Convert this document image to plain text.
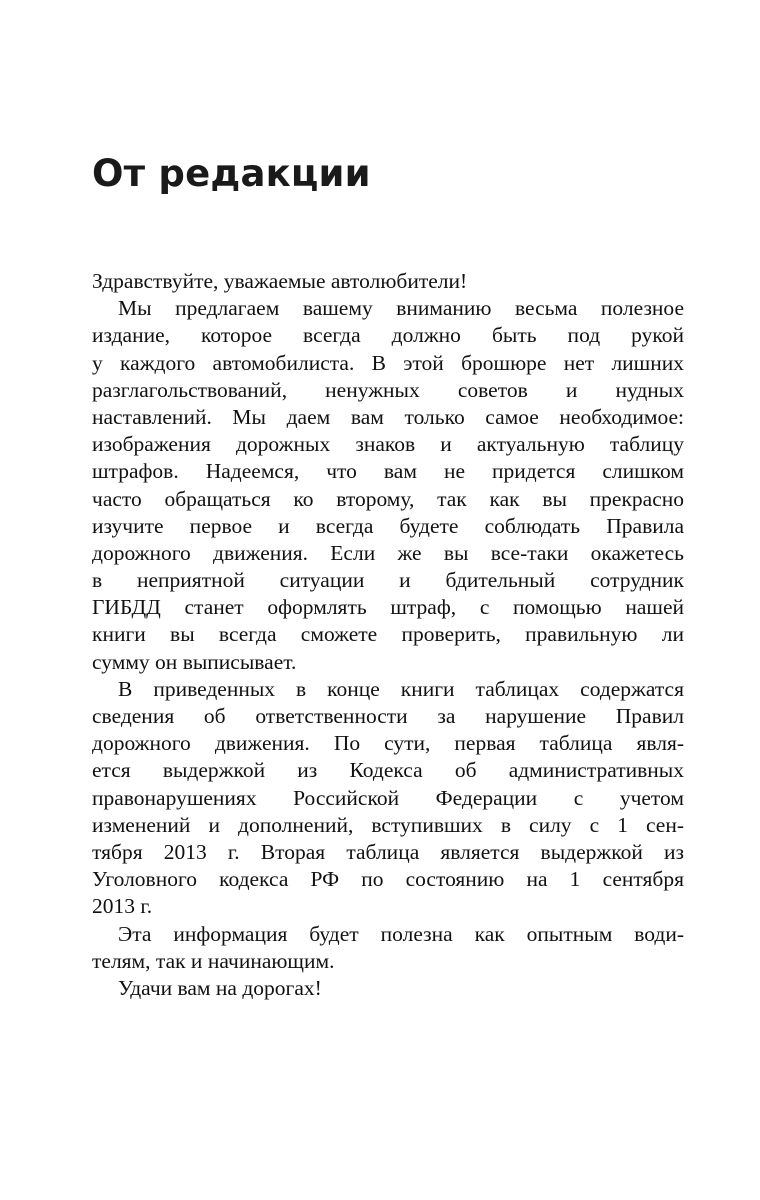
От редакции
Здравствуйте, уважаемые автолюбители!
Мы предлагаем вашему вниманию весьма полезное
издание, которое всегда должно быть под рукой
у каждого автомобилиста. В этой брошюре нет лишних
разглагольствований, ненужных советов и нудных
наставлений. Мы даем вам только самое необходимое:
изображения дорожных знаков и актуальную таблицу
штрафов. Надеемся, что вам не придется слишком
часто обращаться ко второму, так как вы прекрасно
изучите первое и всегда будете соблюдать Правила
дорожного движения. Если же вы все-таки окажетесь
в неприятной ситуации и бдительный сотрудник
ГИБДД станет оформлять штраф, с помощью нашей
книги вы всегда сможете проверить, правильную ли
сумму он выписывает.
В приведенных в конце книги таблицах содержатся
сведения об ответственности за нарушение Правил
дорожного движения. По сути, первая таблица явля-
ется выдержкой из Кодекса об административных
правонарушениях Российской Федерации с учетом
изменений и дополнений, вступивших в силу с 1 сен-
тября 2013 г. Вторая таблица является выдержкой из
Уголовного кодекса РФ по состоянию на 1 сентября
2013 г.
Эта информация будет полезна как опытным води-
телям, так и начинающим.
Удачи вам на дорогах!
